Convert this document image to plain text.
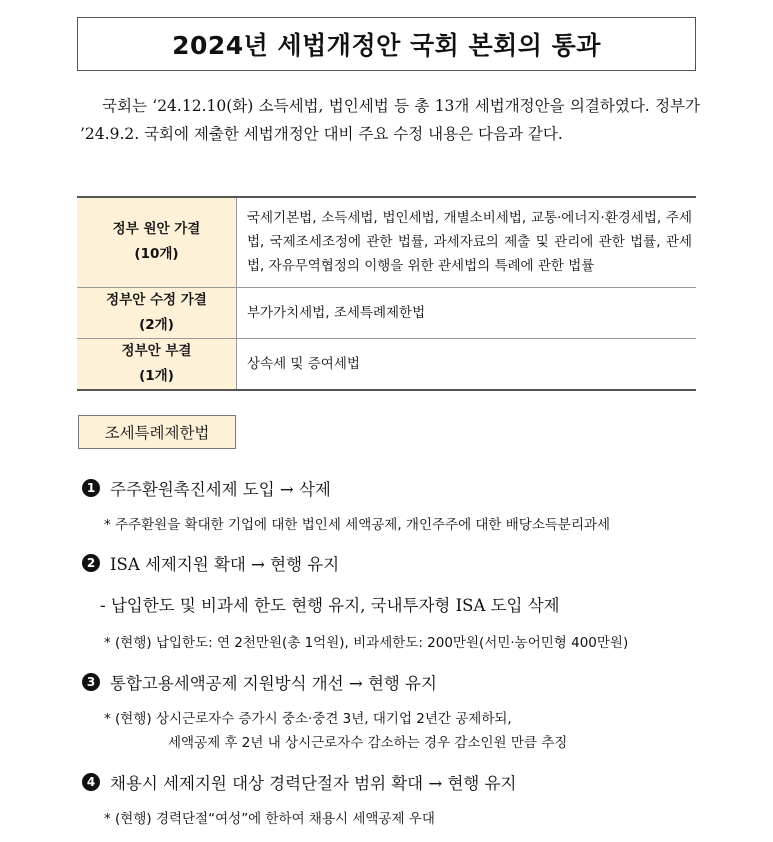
2024년 세법개정안 국회 본회의 통과
국회는 ‘24.12.10(화) 소득세법, 법인세법 등 총 13개 세법개정안을 의결하였다. 정부가 ’24.9.2. 국회에 제출한 세법개정안 대비 주요 수정 내용은 다음과 같다.
정부 원안 가결
(10개)	국세기본법, 소득세법, 법인세법, 개별소비세법, 교통·에너지·환경세법, 주세법, 국제조세조정에 관한 법률, 과세자료의 제출 및 관리에 관한 법률, 관세법, 자유무역협정의 이행을 위한 관세법의 특례에 관한 법률

정부안 수정 가결
(2개)	부가가치세법, 조세특례제한법

정부안 부결
(1개)	상속세 및 증여세법
조세특례제한법
1 주주환원촉진세제 도입 → 삭제
* 주주환원을 확대한 기업에 대한 법인세 세액공제, 개인주주에 대한 배당소득분리과세
2 ISA 세제지원 확대 → 현행 유지
- 납입한도 및 비과세 한도 현행 유지, 국내투자형 ISA 도입 삭제
* (현행) 납입한도: 연 2천만원(총 1억원), 비과세한도: 200만원(서민·농어민형 400만원)
3 통합고용세액공제 지원방식 개선 → 현행 유지
* (현행) 상시근로자수 증가시 중소·중견 3년, 대기업 2년간 공제하되,
세액공제 후 2년 내 상시근로자수 감소하는 경우 감소인원 만큼 추징
4 채용시 세제지원 대상 경력단절자 범위 확대 → 현행 유지
* (현행) 경력단절“여성”에 한하여 채용시 세액공제 우대
